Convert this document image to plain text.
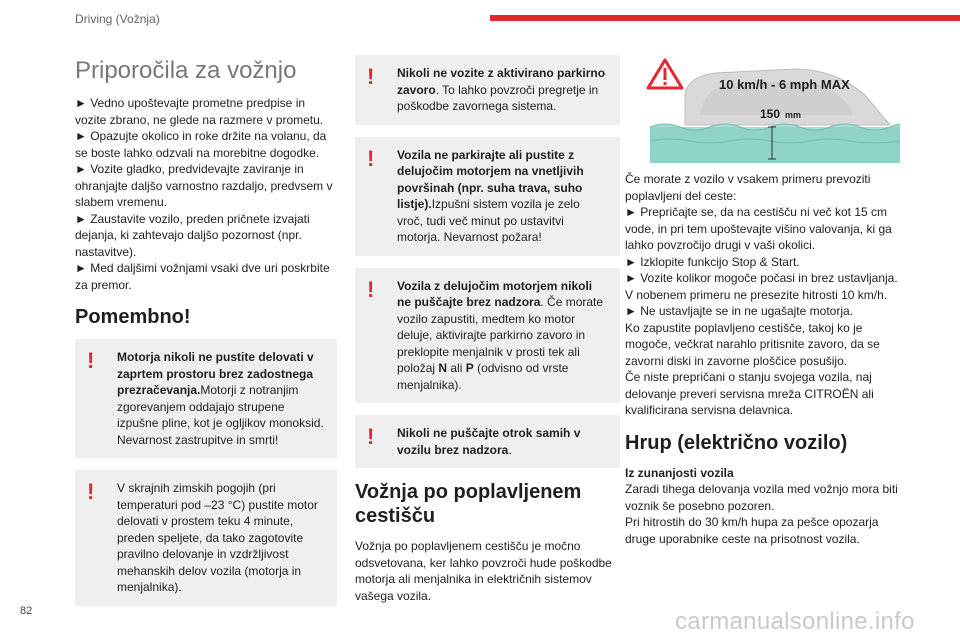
Driving (Vožnja)
Priporočila za vožnjo

► Vedno upoštevajte prometne predpise in vozite zbrano, ne glede na razmere v prometu.

► Opazujte okolico in roke držite na volanu, da se boste lahko odzvali na morebitne dogodke.

► Vozite gladko, predvidevajte zaviranje in ohranjajte daljšo varnostno razdaljo, predvsem v slabem vremenu.

► Zaustavite vozilo, preden pričnete izvajati dejanja, ki zahtevajo daljšo pozornost (npr. nastavitve).

► Med daljšimi vožnjami vsaki dve uri poskrbite za premor.

Pomembno!
!	Motorja nikoli ne pustite delovati v zaprtem prostoru brez zadostnega prezračevanja.Motorji z notranjim zgorevanjem oddajajo strupene izpušne pline, kot je ogljikov monoksid. Nevarnost zastrupitve in smrti!
!	V skrajnih zimskih pogojih (pri temperaturi pod –23 °C) pustite motor delovati v prostem teku 4 minute, preden speljete, da tako zagotovite pravilno delovanje in vzdržljivost mehanskih delov vozila (motorja in menjalnika).
!	Nikoli ne vozite z aktivirano parkirno zavoro. To lahko povzroči pregretje in poškodbe zavornega sistema.
!	Vozila ne parkirajte ali pustite z delujočim motorjem na vnetljivih površinah (npr. suha trava, suho listje).Izpušni sistem vozila je zelo vroč, tudi več minut po ustavitvi motorja. Nevarnost požara!
!	Vozila z delujočim motorjem nikoli ne puščajte brez nadzora. Če morate vozilo zapustiti, medtem ko motor deluje, aktivirajte parkirno zavoro in preklopite menjalnik v prosti tek ali položaj N ali P (odvisno od vrste menjalnika).
!	Nikoli ne puščajte otrok samih v vozilu brez nadzora.
Vožnja po poplavljenem cestišču

Vožnja po poplavljenem cestišču je močno odsvetovana, ker lahko povzroči hude poškodbe motorja ali menjalnika in električnih sistemov vašega vozila.

10 km/h - 6 mph MAX
150 mm

Če morate z vozilo v vsakem primeru prevoziti poplavljeni del ceste:

► Prepričajte se, da na cestišču ni več kot 15 cm vode, in pri tem upoštevajte višino valovanja, ki ga lahko povzročijo drugi v vaši okolici.

► Izklopite funkcijo Stop & Start.

► Vozite kolikor mogoče počasi in brez ustavljanja. V nobenem primeru ne presezite hitrosti 10 km/h.

► Ne ustavljajte se in ne ugašajte motorja.

Ko zapustite poplavljeno cestišče, takoj ko je mogoče, večkrat narahlo pritisnite zavoro, da se zavorni diski in zavorne ploščice posušijo.

Če niste prepričani o stanju svojega vozila, naj delovanje preveri servisna mreža CITROËN ali kvalificirana servisna delavnica.

Hrup (električno vozilo)

Iz zunanjosti vozila

Zaradi tihega delovanja vozila med vožnjo mora biti voznik še posebno pozoren.

Pri hitrostih do 30 km/h hupa za pešce opozarja druge uporabnike ceste na prisotnost vozila.

82	carmanualsonline.info
